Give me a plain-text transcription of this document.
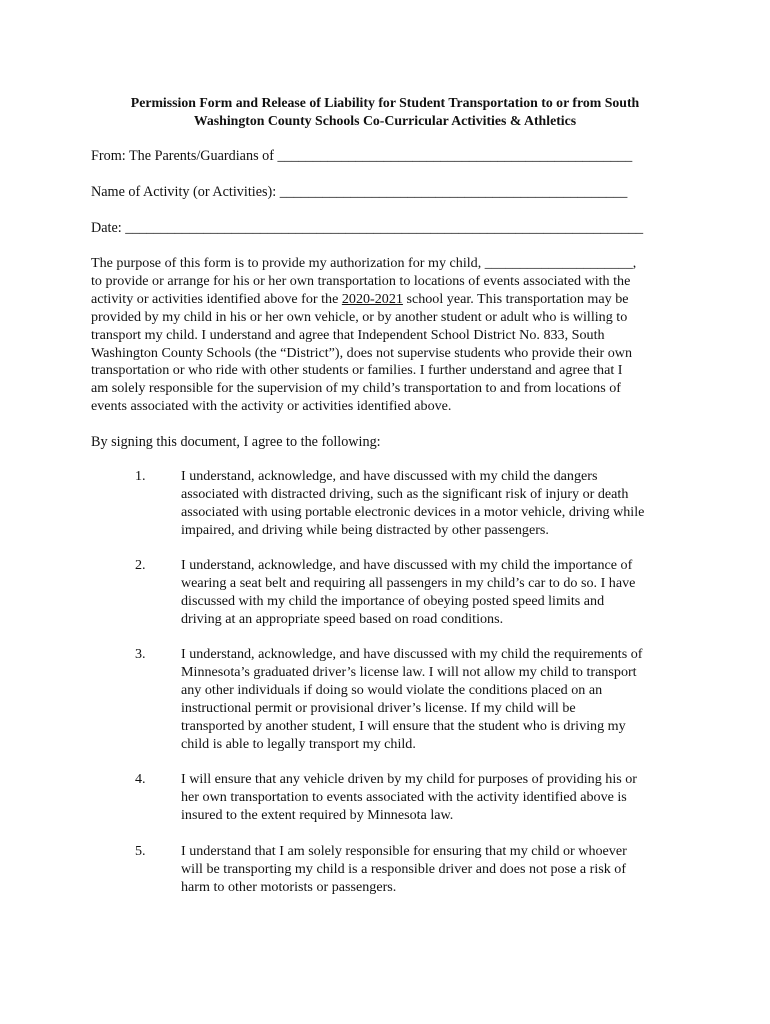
Permission Form and Release of Liability for Student Transportation to or from South
Washington County Schools Co-Curricular Activities & Athletics
From: The Parents/Guardians of __________________________________________________
Name of Activity (or Activities): _________________________________________________
Date: _________________________________________________________________________
The purpose of this form is to provide my authorization for my child, _____________________,
to provide or arrange for his or her own transportation to locations of events associated with the
activity or activities identified above for the 2020-2021 school year. This transportation may be
provided by my child in his or her own vehicle, or by another student or adult who is willing to
transport my child. I understand and agree that Independent School District No. 833, South
Washington County Schools (the “District”), does not supervise students who provide their own
transportation or who ride with other students or families. I further understand and agree that I
am solely responsible for the supervision of my child’s transportation to and from locations of
events associated with the activity or activities identified above.
By signing this document, I agree to the following:
1.	I understand, acknowledge, and have discussed with my child the dangers
associated with distracted driving, such as the significant risk of injury or death
associated with using portable electronic devices in a motor vehicle, driving while
impaired, and driving while being distracted by other passengers.
2.	I understand, acknowledge, and have discussed with my child the importance of
wearing a seat belt and requiring all passengers in my child’s car to do so. I have
discussed with my child the importance of obeying posted speed limits and
driving at an appropriate speed based on road conditions.
3.	I understand, acknowledge, and have discussed with my child the requirements of
Minnesota’s graduated driver’s license law. I will not allow my child to transport
any other individuals if doing so would violate the conditions placed on an
instructional permit or provisional driver’s license. If my child will be
transported by another student, I will ensure that the student who is driving my
child is able to legally transport my child.
4.	I will ensure that any vehicle driven by my child for purposes of providing his or
her own transportation to events associated with the activity identified above is
insured to the extent required by Minnesota law.
5.	I understand that I am solely responsible for ensuring that my child or whoever
will be transporting my child is a responsible driver and does not pose a risk of
harm to other motorists or passengers.
